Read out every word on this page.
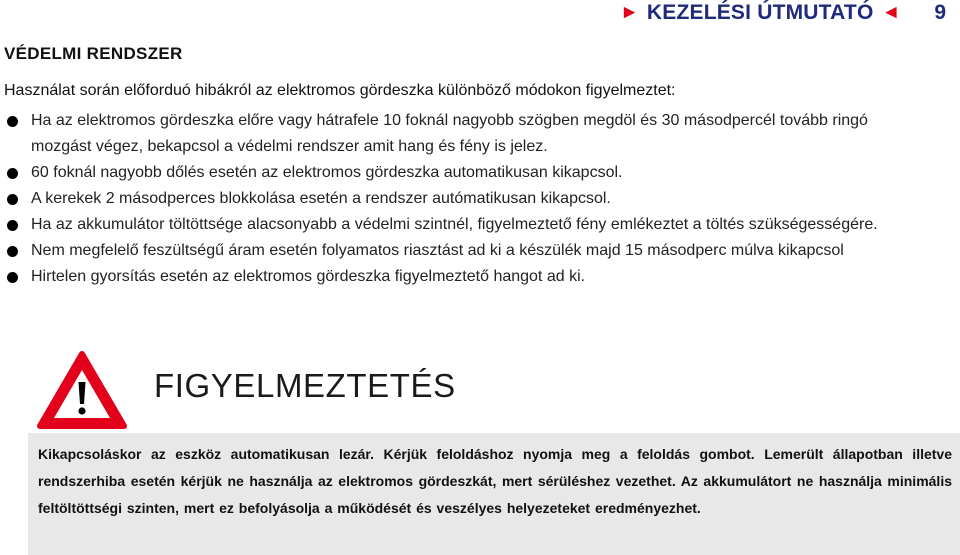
► KEZELÉSI ÚTMUTATÓ ◄ 9
VÉDELMI RENDSZER
Használat során előforduó hibákról az elektromos gördeszka különböző módokon figyelmeztet:
Ha az elektromos gördeszka előre vagy hátrafele 10 foknál nagyobb szögben megdöl és 30 másodpercél tovább ringó mozgást végez, bekapcsol a védelmi rendszer amit hang és fény is jelez.
60 foknál nagyobb dőlés esetén az elektromos gördeszka automatikusan kikapcsol.
A kerekek 2 másodperces blokkolása esetén a rendszer autómatikusan kikapcsol.
Ha az akkumulátor töltöttsége alacsonyabb a védelmi szintnél, figyelmeztető fény emlékeztet a töltés szükségességére.
Nem megfelelő feszültségű áram esetén folyamatos riasztást ad ki a készülék majd 15 másodperc múlva kikapcsol
Hirtelen gyorsítás esetén az elektromos gördeszka figyelmeztető hangot ad ki.
FIGYELMEZTETÉS

Kikapcsoláskor az eszköz automatikusan lezár. Kérjük feloldáshoz nyomja meg a feloldás gombot. Lemerült állapotban illetve rendszerhiba esetén kérjük ne használja az elektromos gördeszkát, mert sérüléshez vezethet. Az akkumulátort ne használja minimális feltöltöttségi szinten, mert ez befolyásolja a működését és veszélyes helyezeteket eredményezhet.
